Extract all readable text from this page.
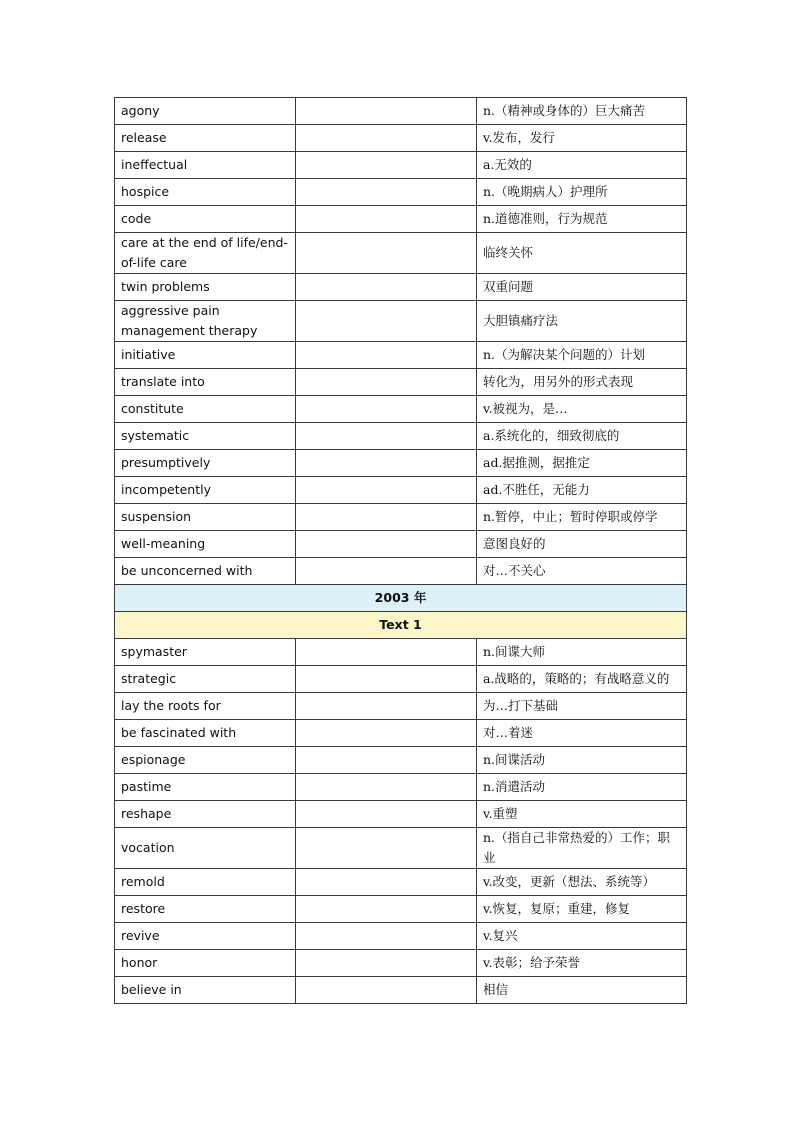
agony		n.（精神或身体的）巨大痛苦
release		v.发布，发行
ineffectual		a.无效的
hospice		n.（晚期病人）护理所
code		n.道德准则，行为规范
care at the end of life/end-of-life care		临终关怀
twin problems		双重问题
aggressive pain management therapy		大胆镇痛疗法
initiative		n.（为解决某个问题的）计划
translate into		转化为，用另外的形式表现
constitute		v.被视为，是…
systematic		a.系统化的，细致彻底的
presumptively		ad.据推测，据推定
incompetently		ad.不胜任，无能力
suspension		n.暂停，中止；暂时停职或停学
well-meaning		意图良好的
be unconcerned with		对…不关心
2003 年		
Text 1		
spymaster		n.间谍大师
strategic		a.战略的，策略的；有战略意义的
lay the roots for		为…打下基础
be fascinated with		对…着迷
espionage		n.间谍活动
pastime		n.消遣活动
reshape		v.重塑
vocation		n.（指自己非常热爱的）工作；职业
remold		v.改变，更新（想法、系统等）
restore		v.恢复，复原；重建，修复
revive		v.复兴
honor		v.表彰；给予荣誉
believe in		相信
